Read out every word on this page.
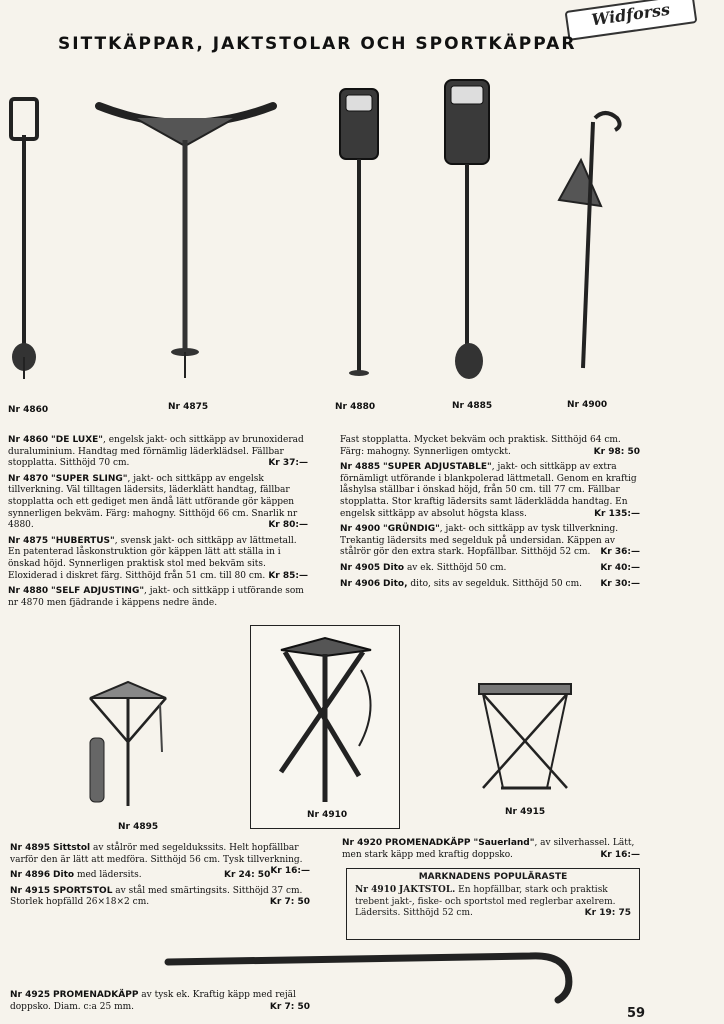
Widforss
SITTKÄPPAR, JAKTSTOLAR OCH SPORTKÄPPAR
Nr 4860	Nr 4875	Nr 4880	Nr 4885	Nr 4900

Nr 4860 "DE LUXE", engelsk jakt- och sittkäpp av brunoxiderad duraluminium. Handtag med förnämlig läderklädsel. Fällbar stopplatta. Sitthöjd 70 cm.	Kr 37:—

Nr 4870 "SUPER SLING", jakt- och sittkäpp av engelsk tillverkning. Väl tilltagen lädersits, läderklätt handtag, fällbar stopplatta och ett gediget men ändå lätt utförande gör käppen synnerligen bekväm. Färg: mahogny. Sitthöjd 66 cm. Snarlik nr 4880.	Kr 80:—

Nr 4875 "HUBERTUS", svensk jakt- och sittkäpp av lättmetall. En patenterad låskonstruktion gör käppen lätt att ställa in i önskad höjd. Synnerligen praktisk stol med bekväm sits. Eloxiderad i diskret färg. Sitthöjd från 51 cm. till 80 cm. Kr 85:—

Nr 4880 "SELF ADJUSTING", jakt- och sittkäpp i utförande som nr 4870 men fjädrande i käppens nedre ände.

Fast stopplatta. Mycket bekväm och praktisk. Sitthöjd 64 cm. Färg: mahogny. Synnerligen omtyckt.	Kr 98: 50

Nr 4885 "SUPER ADJUSTABLE", jakt- och sittkäpp av extra förnämligt utförande i blankpolerad lättmetall. Genom en kraftig låshylsa ställbar i önskad höjd, från 50 cm. till 77 cm. Fällbar stopplatta. Stor kraftig lädersits samt läderklädda handtag. En engelsk sittkäpp av absolut högsta klass.	Kr 135:—

Nr 4900 "GRÜNDIG", jakt- och sittkäpp av tysk tillverkning. Trekantig lädersits med segelduk på undersidan. Käppen av stålrör gör den extra stark. Hopfällbar. Sitthöjd 52 cm. Kr 36:—

Nr 4905 Dito av ek. Sitthöjd 50 cm.	Kr 40:—

Nr 4906 Dito, dito, sits av segelduk. Sitthöjd 50 cm. Kr 30:—

Nr 4895
Nr 4910	Nr 4915

Nr 4895 Sittstol av stålrör med segeldukssits. Helt hopfällbar varför den är lätt att medföra. Sitthöjd 56 cm. Tysk tillverkning.
Kr 16:—

Nr 4896 Dito med lädersits.	Kr 24: 50

Nr 4915 SPORTSTOL av stål med smärtingsits. Sitthöjd 37 cm. Storlek hopfälld 26×18×2 cm.	Kr 7: 50

Nr 4920 PROMENADKÄPP "Sauerland", av silverhassel. Lätt, men stark käpp med kraftig doppsko.	Kr 16:—

MARKNADENS POPULÄRASTE
Nr 4910 JAKTSTOL. En hopfällbar, stark och praktisk trebent jakt-, fiske- och sportstol med reglerbar axelrem. Lädersits. Sitthöjd 52 cm.	Kr 19: 75
Nr 4925 PROMENADKÄPP av tysk ek. Kraftig käpp med rejäl doppsko. Diam. c:a 25 mm.	Kr 7: 50	59
